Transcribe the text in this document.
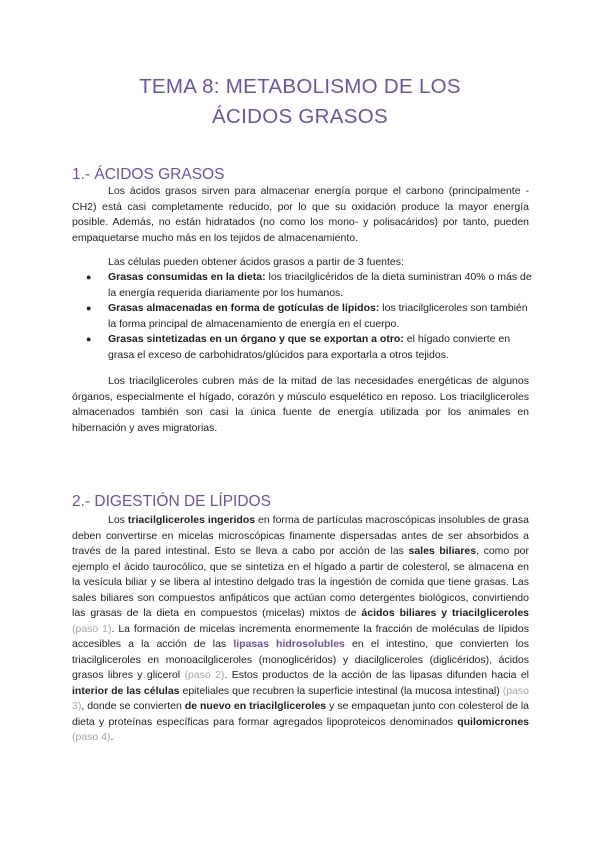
TEMA 8: METABOLISMO DE LOS
ÁCIDOS GRASOS
1.- ÁCIDOS GRASOS

Los ácidos grasos sirven para almacenar energía porque el carbono (principalmente -CH2) está casi completamente reducido, por lo que su oxidación produce la mayor energía posible. Además, no están hidratados (no como los mono- y polisacáridos) por tanto, pueden empaquetarse mucho más en los tejidos de almacenamiento.

Las células pueden obtener ácidos grasos a partir de 3 fuentes:

● Grasas consumidas en la dieta: los triacilglicéridos de la dieta suministran 40% o más de la energía requerida diariamente por los humanos.
● Grasas almacenadas en forma de gotículas de lípidos: los triacilgliceroles son también la forma principal de almacenamiento de energía en el cuerpo.
● Grasas sintetizadas en un órgano y que se exportan a otro: el hígado convierte en grasa el exceso de carbohidratos/glúcidos para exportarla a otros tejidos.

Los triacilgliceroles cubren más de la mitad de las necesidades energéticas de algunos órganos, especialmente el hígado, corazón y músculo esquelético en reposo. Los triacilgliceroles almacenados también son casi la única fuente de energía utilizada por los animales en hibernación y aves migratorias.

2.- DIGESTIÓN DE LÍPIDOS

Los triacilgliceroles ingeridos en forma de partículas macroscópicas insolubles de grasa deben convertirse en micelas microscópicas finamente dispersadas antes de ser absorbidos a través de la pared intestinal. Esto se lleva a cabo por acción de las sales biliares, como por ejemplo el ácido taurocólico, que se sintetiza en el hígado a partir de colesterol, se almacena en la vesícula biliar y se libera al intestino delgado tras la ingestión de comida que tiene grasas. Las sales biliares son compuestos anfipáticos que actúan como detergentes biológicos, convirtiendo las grasas de la dieta en compuestos (micelas) mixtos de ácidos biliares y triacilgliceroles (paso 1). La formación de micelas incrementa enormemente la fracción de moléculas de lípidos accesibles a la acción de las lipasas hidrosolubles en el intestino, que convierten los triacilgliceroles en monoacilgliceroles (monoglicéridos) y diacilgliceroles (diglicéridos), ácidos grasos libres y glicerol (paso 2). Estos productos de la acción de las lipasas difunden hacia el interior de las células epiteliales que recubren la superficie intestinal (la mucosa intestinal) (paso 3), donde se convierten de nuevo en triacilgliceroles y se empaquetan junto con colesterol de la dieta y proteínas específicas para formar agregados lipoproteicos denominados quilomicrones (paso 4).
